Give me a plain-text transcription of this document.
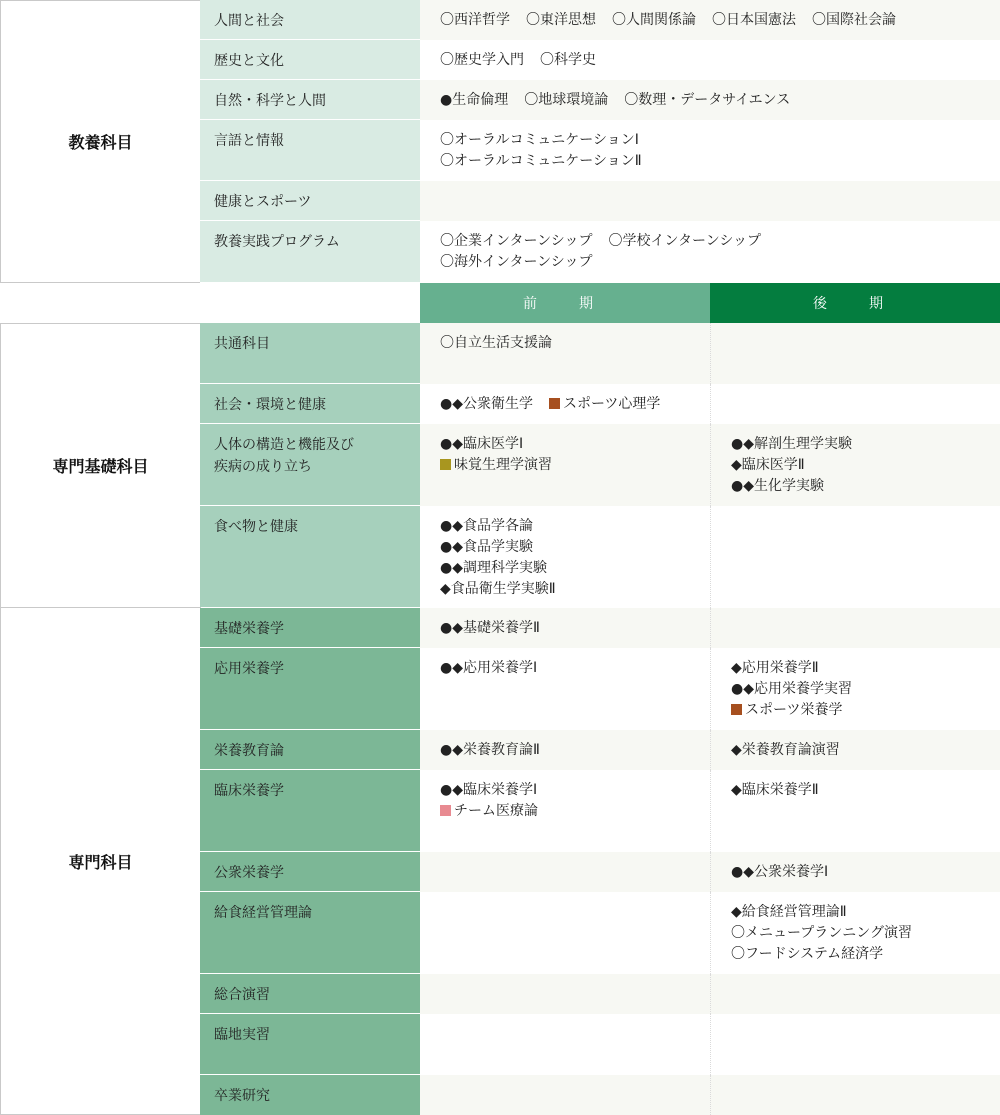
教養科目
人間と社会
歴史と文化
自然・科学と人間
言語と情報
健康とスポーツ
教養実践プログラム
〇西洋哲学 〇東洋思想 〇人間関係論 〇日本国憲法 〇国際社会論
〇歴史学入門 〇科学史
●生命倫理 〇地球環境論 〇数理・データサイエンス
〇オーラルコミュニケーションⅠ
〇オーラルコミュニケーションⅡ
〇企業インターンシップ 〇学校インターンシップ
〇海外インターンシップ
前　期	後　期
専門基礎科目
共通科目
社会・環境と健康
人体の構造と機能及び
疾病の成り立ち
食べ物と健康
〇自立生活支援論
●◆公衆衛生学 スポーツ心理学
●◆臨床医学Ⅰ
味覚生理学演習
●◆食品学各論
●◆食品学実験
●◆調理科学実験
◆食品衛生学実験Ⅱ
●◆解剖生理学実験
◆臨床医学Ⅱ
●◆生化学実験
専門科目
基礎栄養学
応用栄養学
栄養教育論
臨床栄養学
公衆栄養学
給食経営管理論
総合演習
臨地実習
卒業研究
●◆基礎栄養学Ⅱ
●◆応用栄養学Ⅰ
●◆栄養教育論Ⅱ
●◆臨床栄養学Ⅰ
チーム医療論
◆応用栄養学Ⅱ
●◆応用栄養学実習
スポーツ栄養学
◆栄養教育論演習
◆臨床栄養学Ⅱ
●◆公衆栄養学Ⅰ
◆給食経営管理論Ⅱ
〇メニュープランニング演習
〇フードシステム経済学
